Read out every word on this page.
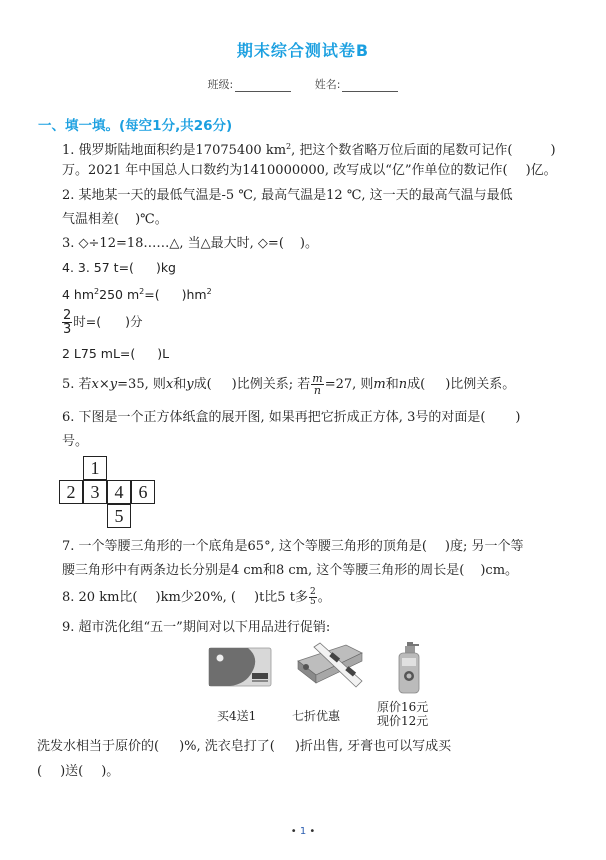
期末综合测试卷B
班级:	姓名:
一、填一填。(每空1分,共26分)
1. 俄罗斯陆地面积约是17075400 $km^2$, 把这个数省略万位后面的尾数可记作(	)
万。2021 年中国总人口数约为1410000000, 改写成以“亿”作单位的数记作( )亿。
2. 某地某一天的最低气温是-5 ℃, 最高气温是12 ℃, 这一天的最高气温与最低
气温相差( )℃。
3. ◇÷12=18……△, 当△最大时, ◇=( )。
4. 3. 57 t=( )kg
4 $hm^2250$ $m^2=$( )$hm^2$
$\frac{2}{3}$ 时=( )分
2 L75 mL=( )L
5. 若x×y=35, 则x和y成( )比例关系; 若 $\frac{m}{n} =27$, 则m和n成( )比例关系。
6. 下图是一个正方体纸盒的展开图, 如果再把它折成正方体, 3号的对面是( )
号。
1
2 3 4 6
5
7. 一个等腰三角形的一个底角是65°, 这个等腰三角形的顶角是( )度; 另一个等
腰三角形中有两条边长分别是4 cm和8 cm, 这个等腰三角形的周长是( )cm。
8. 20 km比( )km少20%, ( )t比5 t多 $\frac{2}{5}$ 。
9. 超市洗化组“五一”期间对以下用品进行促销:
买4送1	七折优惠
原价16元
现价12元
洗发水相当于原价的( )%, 洗衣皂打了( )折出售, 牙膏也可以写成买
( )送( )。
• 1 •
